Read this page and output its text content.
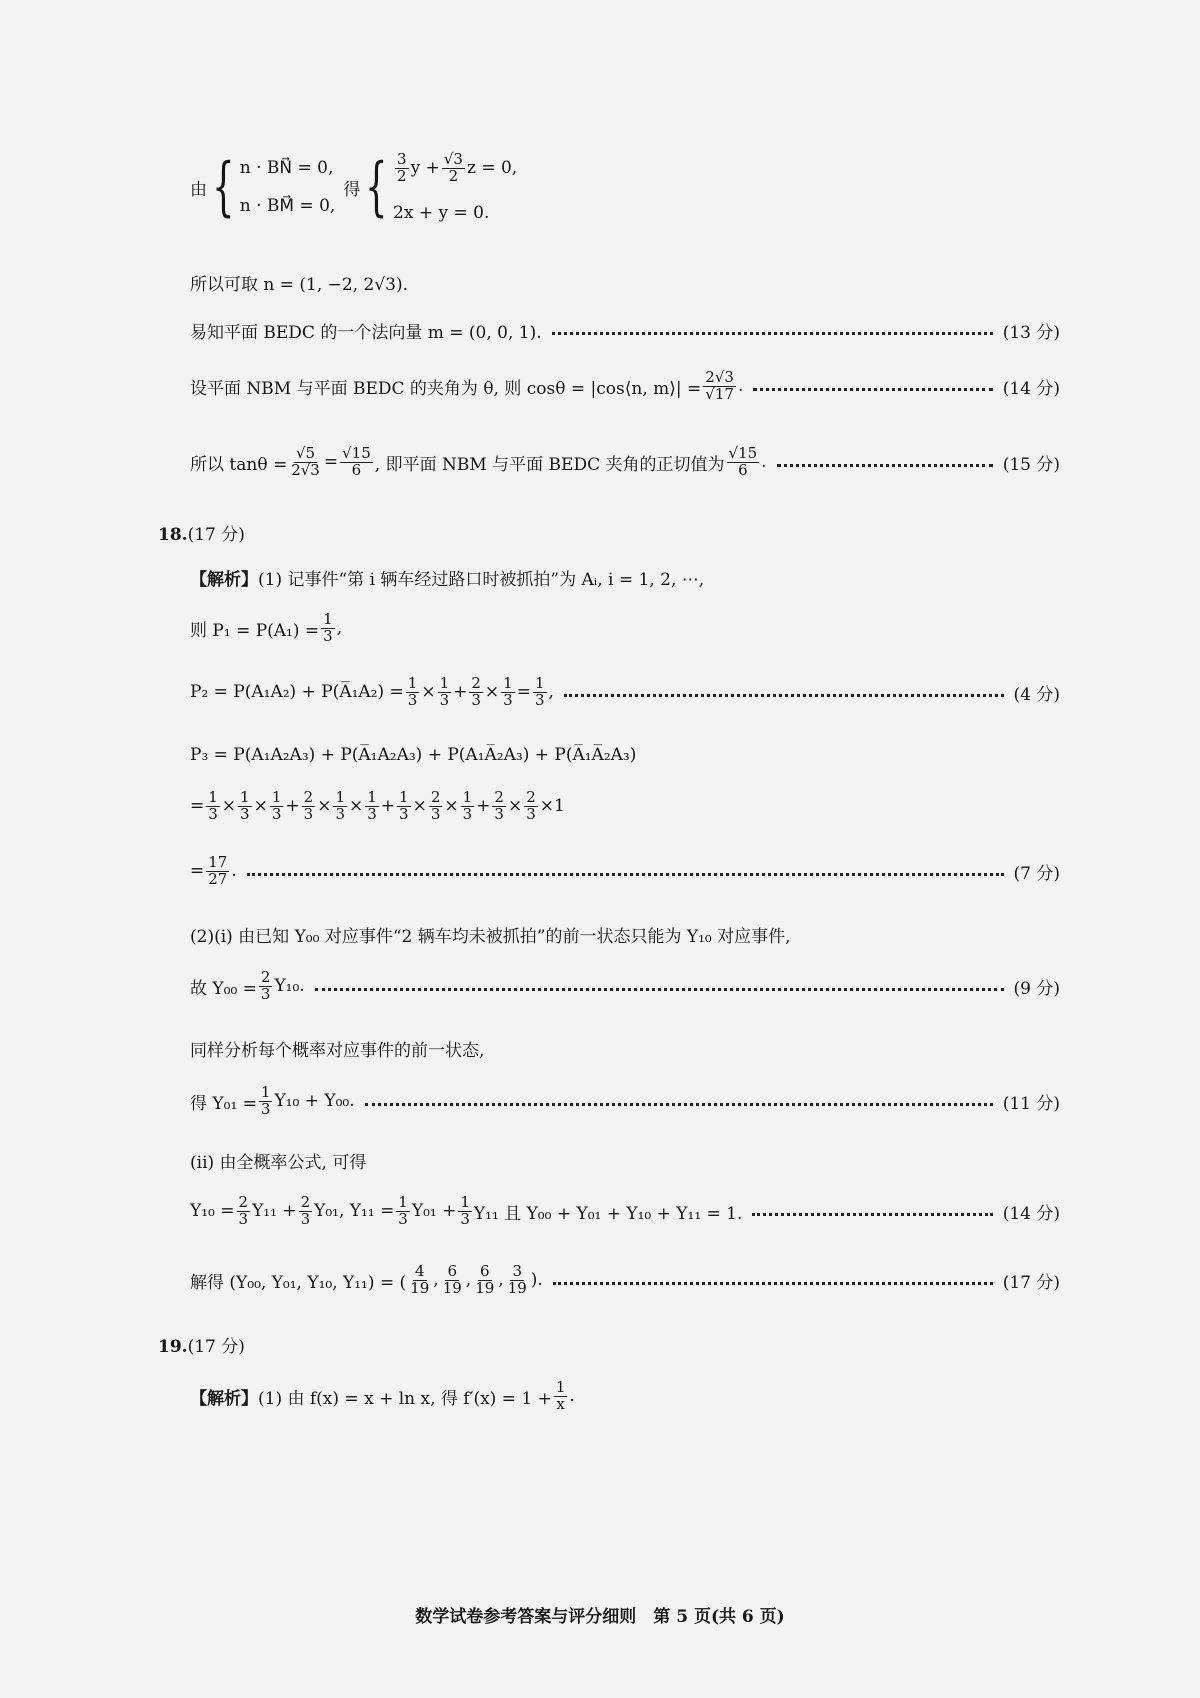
由 { n · BN⃗ = 0,
n · BM⃗ = 0,
得 { $\frac{3}{2}$ $y + \frac{√3}{2}$ z = 0,
2x + y = 0.
所以可取 n = (1, −2, 2√3).
易知平面 BEDC 的一个法向量 m = (0, 0, 1).	(13 分)
设平面 NBM 与平面 BEDC 的夹角为 θ, 则 cosθ = |cos⟨n, m⟩| = $\frac{2√3}{√17}$ .	(14 分)
所以 $\tan\theta = \frac{√5}{2√3} = \frac{√15}{6}$ , 即平面 NBM 与平面 BEDC 夹角的正切值为 $\frac{√15}{6}$ .	(15 分)
18.(17 分)
【解析】(1) 记事件“第 i 辆车经过路口时被抓拍”为 Aᵢ, i = 1, 2, ⋯,
则 $P_1 = P(A_1) = \frac{1}{3}$ ,
P₂ = P(A₁A₂) + P(A̅₁A₂) = $\frac{1}{3} \times \frac{1}{3} + \frac{2}{3} \times \frac{1}{3} = \frac{1}{3}$ ,	(4 分)
P₃ = P(A₁A₂A₃) + P(A̅₁A₂A₃) + P(A₁A̅₂A₃) + P(A̅₁A̅₂A₃)
= $\frac{1}{3} \times \frac{1}{3} \times \frac{1}{3} + \frac{2}{3} \times \frac{1}{3} \times \frac{1}{3} + \frac{1}{3} \times \frac{2}{3} \times \frac{1}{3} + \frac{2}{3} \times \frac{2}{3} \times 1$
= $\frac{17}{27}$ .	(7 分)
(2)(i) 由已知 Y₀₀ 对应事件“2 辆车均未被抓拍”的前一状态只能为 Y₁₀ 对应事件,
故 $Y_{00} = \frac{2}{3} Y_{10}$.	(9 分)
同样分析每个概率对应事件的前一状态,
得 $Y_{01} = \frac{1}{3} Y_{10} + Y_{00}$.	(11 分)
(ii) 由全概率公式, 可得
$Y_{10} = \frac{2}{3} Y_{11} + \frac{2}{3} Y_{01}$, $Y_{11} = \frac{1}{3} Y_{01} + \frac{1}{3} Y_{11}$ 且 Y₀₀ + Y₀₁ + Y₁₀ + Y₁₁ = 1.	(14 分)
解得 (Y₀₀, Y₀₁, Y₁₀, Y₁₁) = ( $\frac{4}{19}$ , $\frac{6}{19}$ , $\frac{6}{19}$ , $\frac{3}{19}$ ).	(17 分)
19.(17 分)
【解析】 (1) 由 f(x) = x + ln x, 得 $f'(x) = 1 + \frac{1}{x}$ .
数学试卷参考答案与评分细则　第 5 页(共 6 页)
